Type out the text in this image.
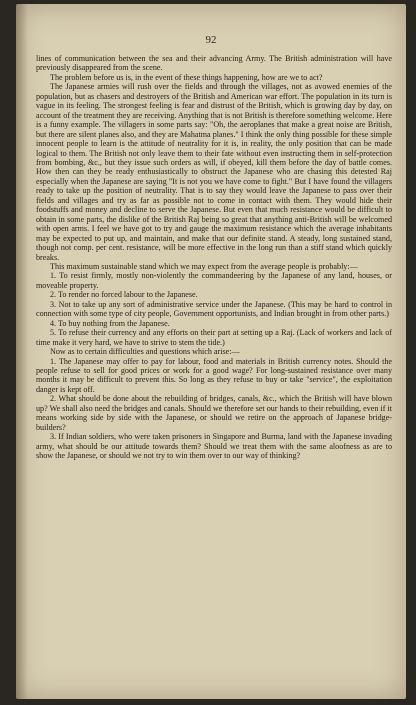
92

lines of communication between the sea and their advancing Army. The British administration will have previously disappeared from the scene.

The problem before us is, in the event of these things happening, how are we to act?

The Japanese armies will rush over the fields and through the villages, not as avowed enemies of the population, but as chasers and destroyers of the British and American war effort. The population in its turn is vague in its feeling. The strongest feeling is fear and distrust of the British, which is growing day by day, on account of the treatment they are receiving. Anything that is not British is therefore something welcome. Here is a funny example. The villagers in some parts say: "Oh, the aeroplanes that make a great noise are British, but there are silent planes also, and they are Mahatma planes." I think the only thing possible for these simple innocent people to learn is the attitude of neutrality for it is, in reality, the only position that can be made logical to them. The British not only leave them to their fate without even instructing them in self-protection from bombing, &c., but they issue such orders as will, if obeyed, kill them before the day of battle comes. How then can they be ready enthusiastically to obstruct the Japanese who are chasing this detested Raj especially when the Japanese are saying "It is not you we have come to fight." But I have found the villagers ready to take up the position of neutrality. That is to say they would leave the Japanese to pass over their fields and villages and try as far as possible not to come in contact with them. They would hide their foodstuffs and money and decline to serve the Japanese. But even that much resistance would be difficult to obtain in some parts, the dislike of the British Raj being so great that anything anti-British will be welcomed with open arms. I feel we have got to try and gauge the maximum resistance which the average inhabitants may be expected to put up, and maintain, and make that our definite stand. A steady, long sustained stand, though not comp. per cent. resistance, will be more effective in the long run than a stiff stand which quickly breaks.

This maximum sustainable stand which we may expect from the average people is probably:—

1. To resist firmly, mostly non-violently the commandeering by the Japanese of any land, houses, or moveable property.

2. To render no forced labour to the Japanese.

3. Not to take up any sort of administrative service under the Japanese. (This may be hard to control in connection with some type of city people, Government opportunists, and Indian brought in from other parts.)

4. To buy nothing from the Japanese.

5. To refuse their currency and any efforts on their part at setting up a Raj. (Lack of workers and lack of time make it very hard, we have to strive to stem the tide.)

Now as to certain difficulties and questions which arise:—

1. The Japanese may offer to pay for labour, food and materials in British currency notes. Should the people refuse to sell for good prices or work for a good wage? For long-sustained resistance over many months it may be difficult to prevent this. So long as they refuse to buy or take "service", the exploitation danger is kept off.

2. What should be done about the rebuilding of bridges, canals, &c., which the British will have blown up? We shall also need the bridges and canals. Should we therefore set our hands to their rebuilding, even if it means working side by side with the Japanese, or should we retire on the approach of Japanese bridge-builders?

3. If Indian soldiers, who were taken prisoners in Singapore and Burma, land with the Japanese invading army, what should be our attitude towards them? Should we treat them with the same aloofness as are to show the Japanese, or should we not try to win them over to our way of thinking?
